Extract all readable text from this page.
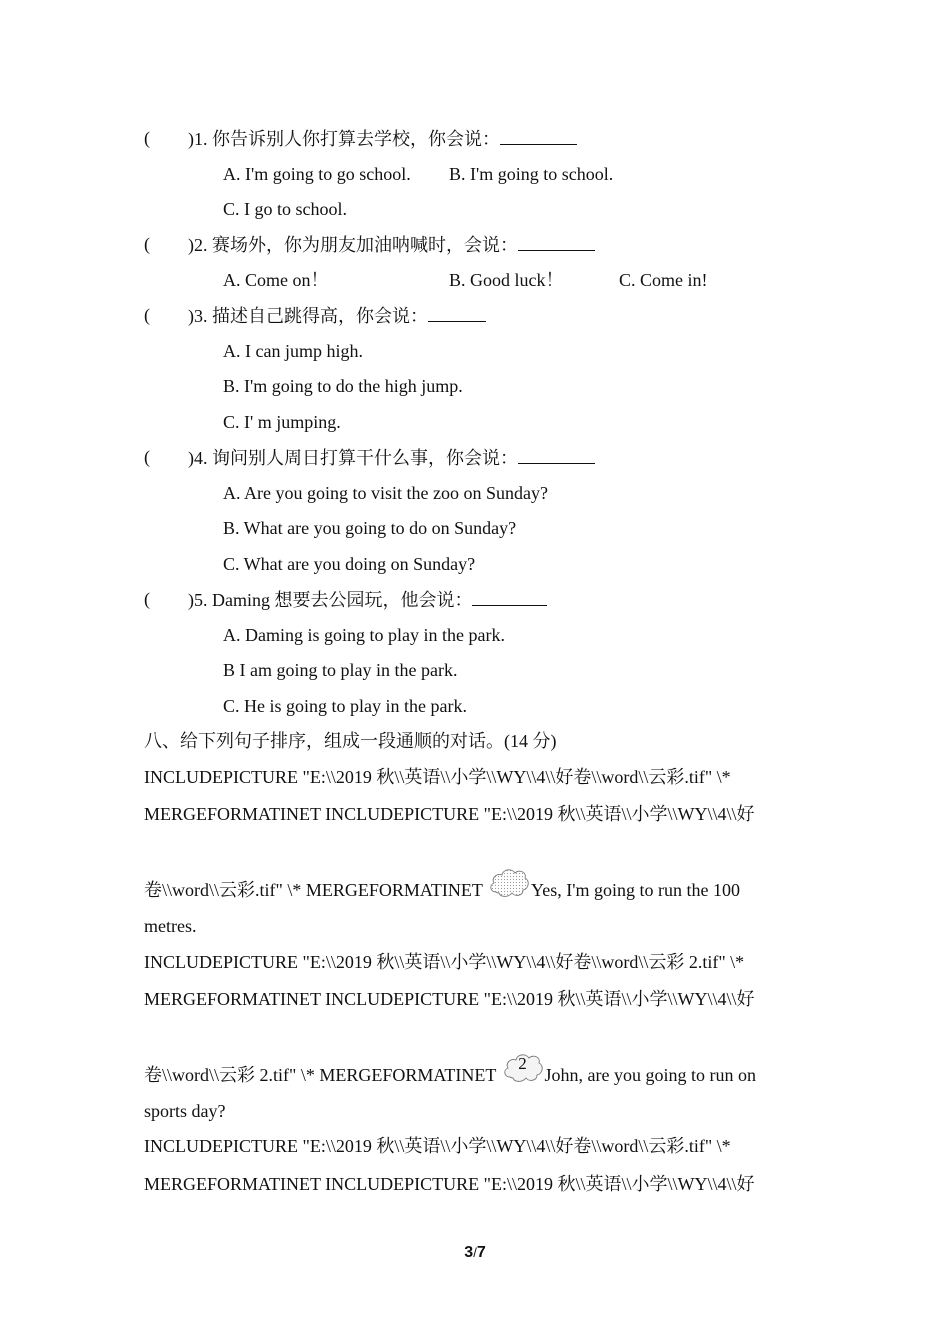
( )1. 你告诉别人你打算去学校，你会说：
A. I'm going to go school. B. I'm going to school.
C. I go to school.
( )2. 赛场外，你为朋友加油呐喊时，会说：
A. Come on！	B. Good luck！	C. Come in!
( )3. 描述自己跳得高，你会说：
A. I can jump high.
B. I'm going to do the high jump.
C. I' m jumping.
( )4. 询问别人周日打算干什么事，你会说：
A. Are you going to visit the zoo on Sunday?
B. What are you going to do on Sunday?
C. What are you doing on Sunday?
( )5. Daming 想要去公园玩，他会说：
A. Daming is going to play in the park.
B I am going to play in the park.
C. He is going to play in the park.
八、给下列句子排序，组成一段通顺的对话。(14 分)
INCLUDEPICTURE "E:\\2019 秋\\英语\\小学\\WY\\4\\好卷\\word\\云彩.tif" \*
MERGEFORMATINET INCLUDEPICTURE "E:\\2019 秋\\英语\\小学\\WY\\4\\好
卷\\word\\云彩.tif" \* MERGEFORMATINET Yes, I'm going to run the 100
metres.
INCLUDEPICTURE "E:\\2019 秋\\英语\\小学\\WY\\4\\好卷\\word\\云彩 2.tif" \*
MERGEFORMATINET INCLUDEPICTURE "E:\\2019 秋\\英语\\小学\\WY\\4\\好
卷\\word\\云彩 2.tif" \* MERGEFORMATINET
2
John, are you going to run on
sports day?
INCLUDEPICTURE "E:\\2019 秋\\英语\\小学\\WY\\4\\好卷\\word\\云彩.tif" \*
MERGEFORMATINET INCLUDEPICTURE "E:\\2019 秋\\英语\\小学\\WY\\4\\好
3/7
